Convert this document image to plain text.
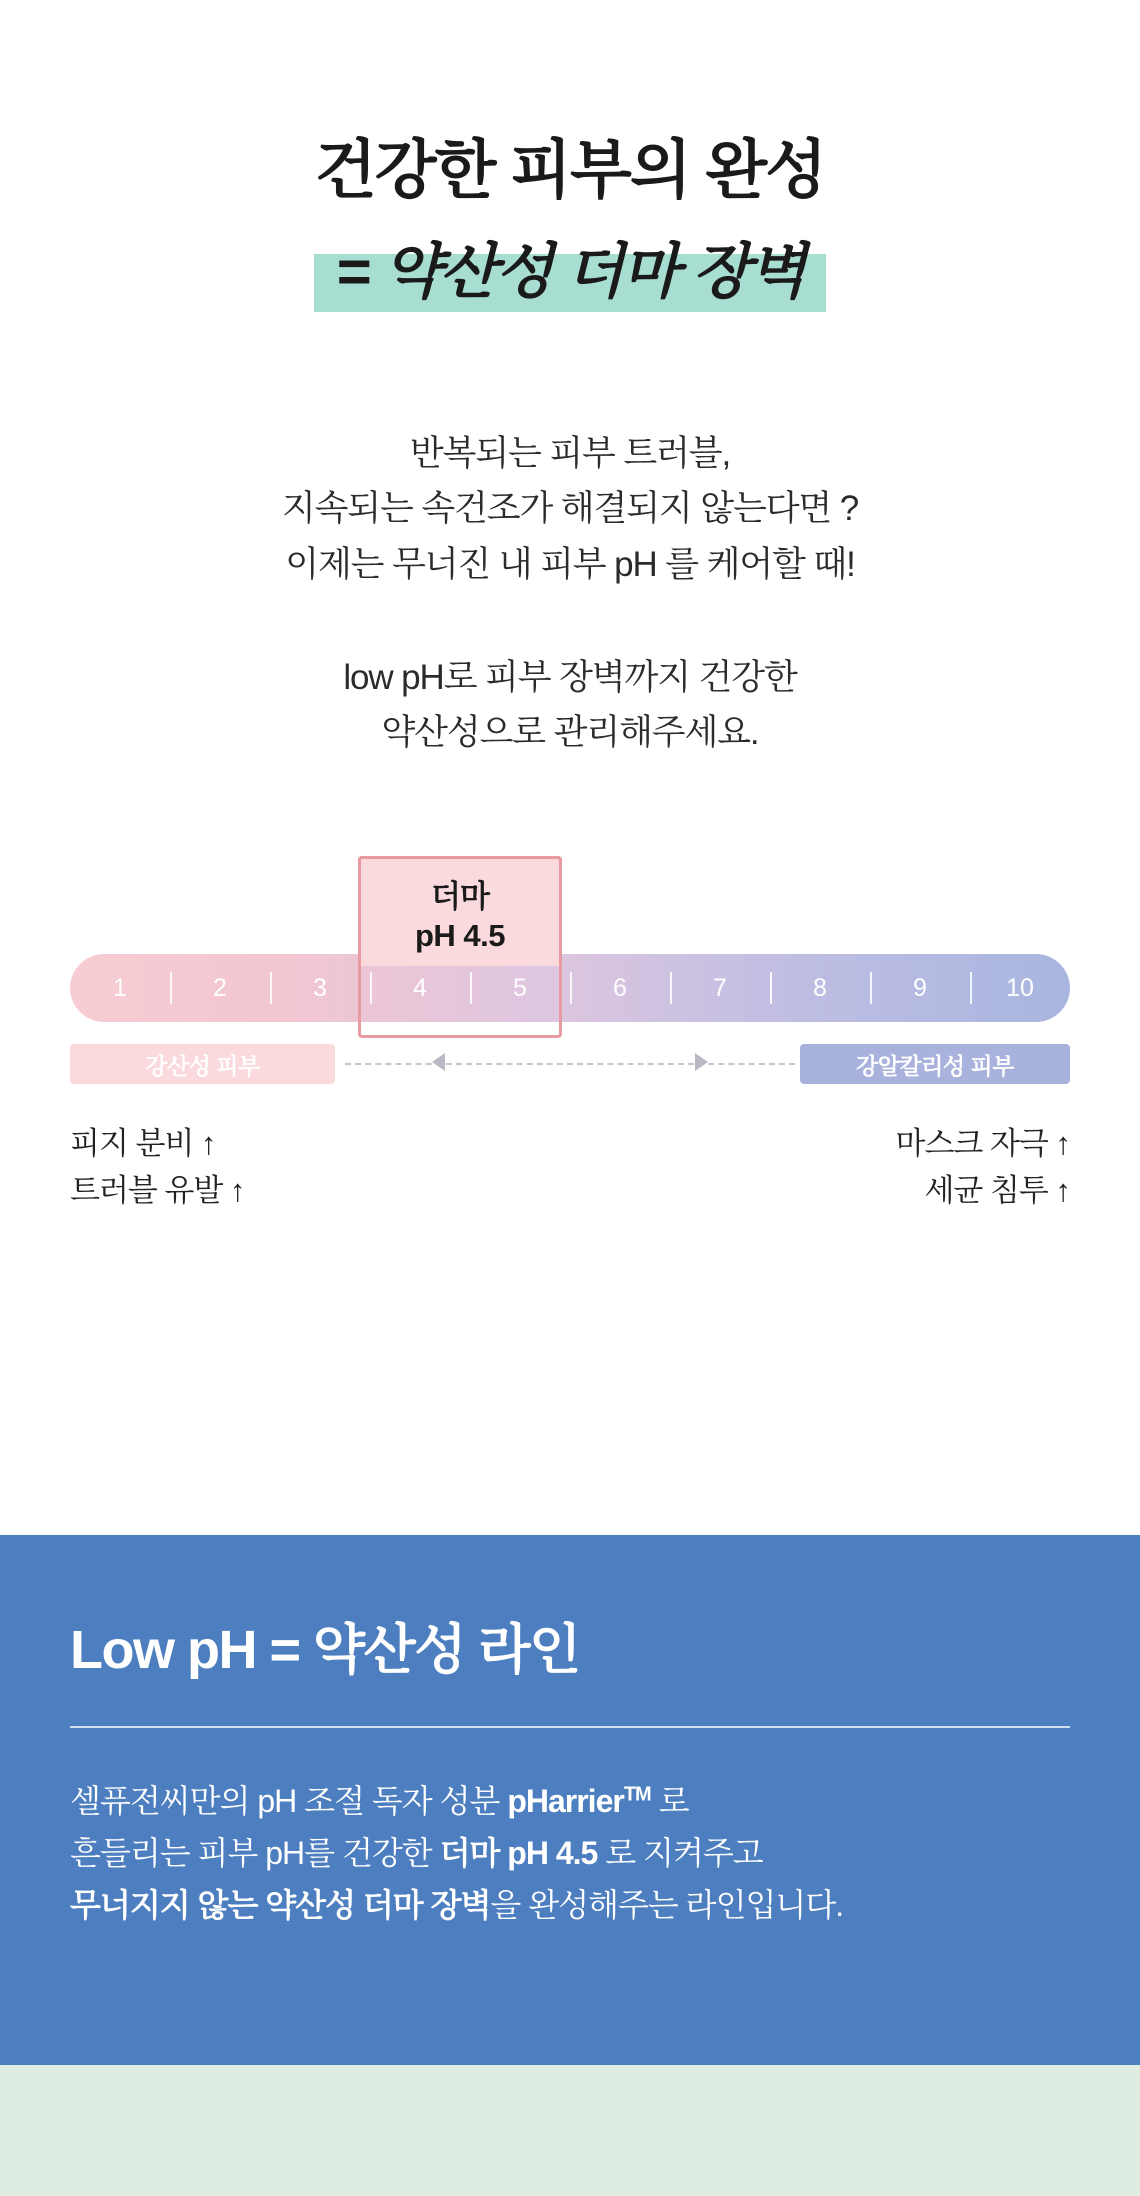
건강한 피부의 완성
= 약산성 더마 장벽
반복되는 피부 트러블,
지속되는 속건조가 해결되지 않는다면 ?
이제는 무너진 내 피부 pH 를 케어할 때!
low pH로 피부 장벽까지 건강한
약산성으로 관리해주세요.
더마
pH 4.5
1	2	3	4	5	6	7	8	9	10
강산성 피부	강알칼리성 피부
피지 분비 ↑
트러블 유발 ↑
마스크 자극 ↑
세균 침투 ↑
Low pH = 약산성 라인
셀퓨전씨만의 pH 조절 독자 성분 pHarrier™ 로
흔들리는 피부 pH를 건강한 더마 pH 4.5 로 지켜주고
무너지지 않는 약산성 더마 장벽을 완성해주는 라인입니다.
